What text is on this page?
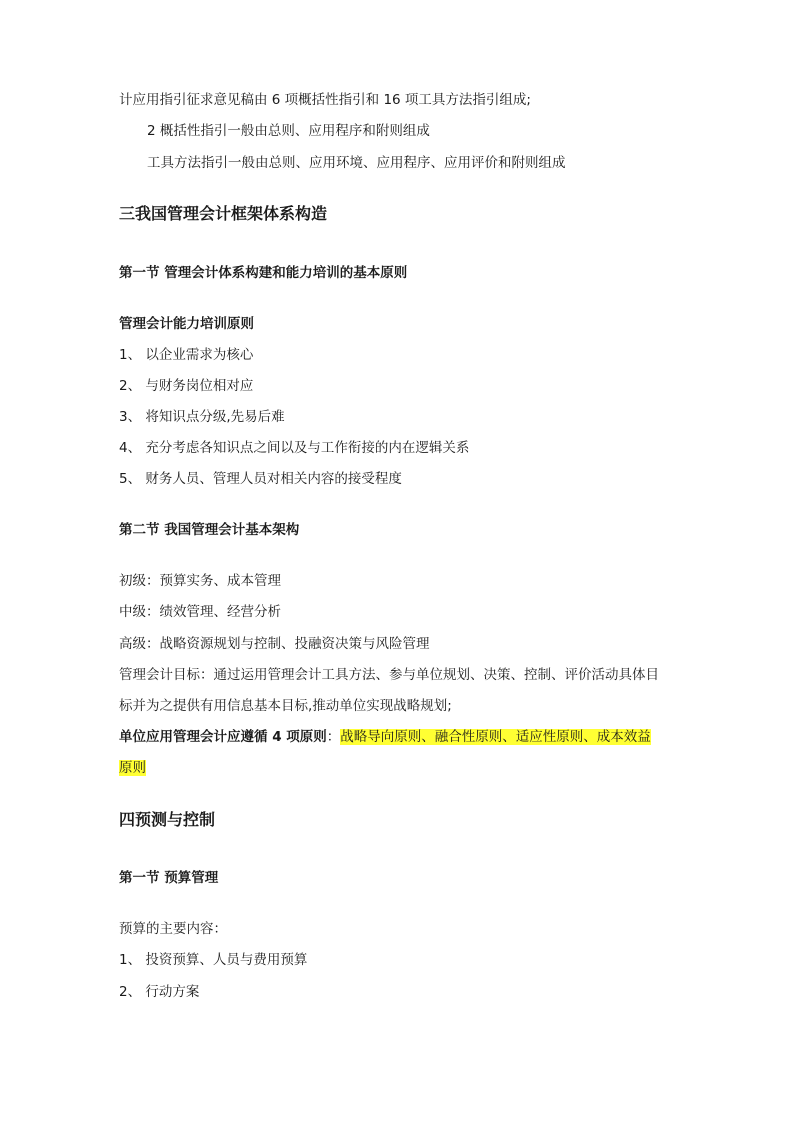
计应用指引征求意见稿由 6 项概括性指引和 16 项工具方法指引组成;
2 概括性指引一般由总则、应用程序和附则组成
工具方法指引一般由总则、应用环境、应用程序、应用评价和附则组成
三我国管理会计框架体系构造
第一节 管理会计体系构建和能力培训的基本原则
管理会计能力培训原则
1、 以企业需求为核心
2、 与财务岗位相对应
3、 将知识点分级,先易后难
4、 充分考虑各知识点之间以及与工作衔接的内在逻辑关系
5、 财务人员、管理人员对相关内容的接受程度
第二节 我国管理会计基本架构
初级：预算实务、成本管理
中级：绩效管理、经营分析
高级：战略资源规划与控制、投融资决策与风险管理
管理会计目标：通过运用管理会计工具方法、参与单位规划、决策、控制、评价活动具体目
标并为之提供有用信息基本目标,推动单位实现战略规划;
单位应用管理会计应遵循 4 项原则：战略导向原则、融合性原则、适应性原则、成本效益
原则
四预测与控制
第一节 预算管理
预算的主要内容：
1、 投资预算、人员与费用预算
2、 行动方案
